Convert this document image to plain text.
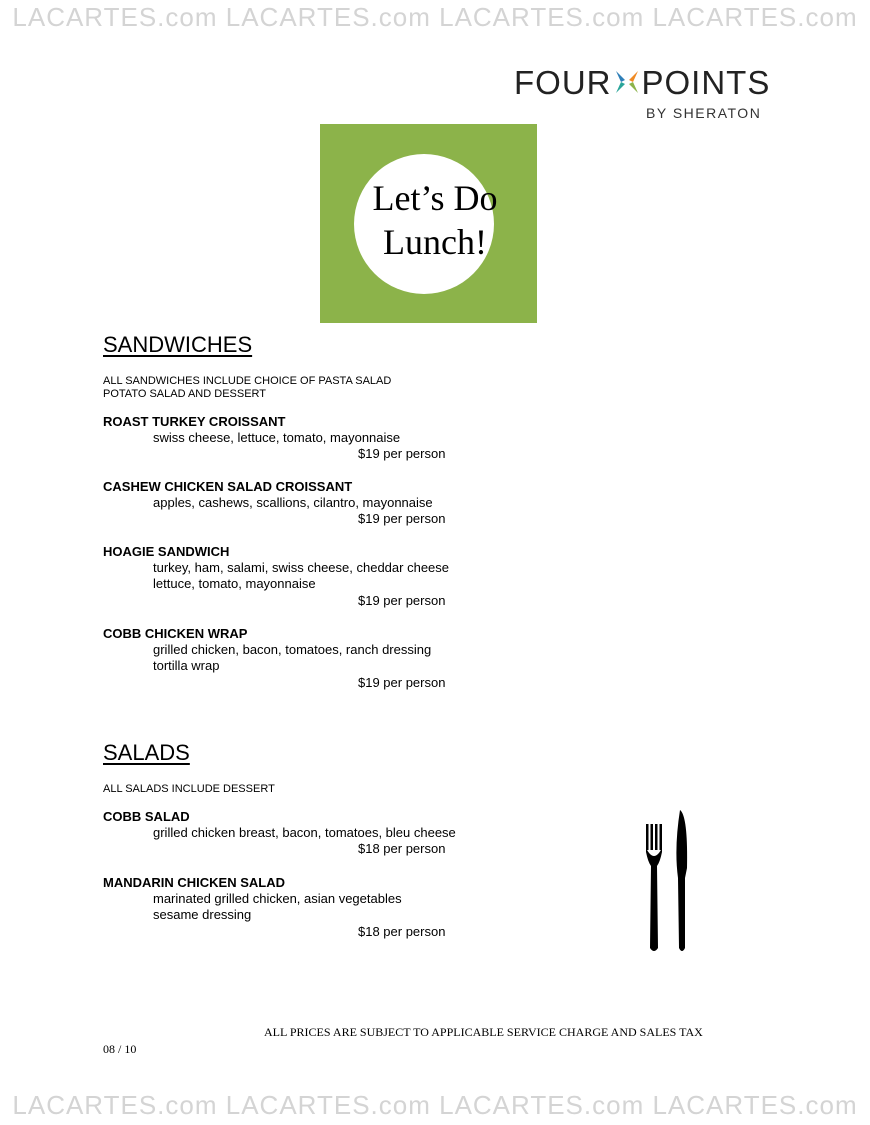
LACARTES.com LACARTES.com LACARTES.com LACARTES.com
FOUR POINTS
BY SHERATON
Let’s Do
Lunch!
SANDWICHES
ALL SANDWICHES INCLUDE CHOICE OF PASTA SALAD
POTATO SALAD AND DESSERT
ROAST TURKEY CROISSANT
swiss cheese, lettuce, tomato, mayonnaise
$19 per person
CASHEW CHICKEN SALAD CROISSANT
apples, cashews, scallions, cilantro, mayonnaise
$19 per person
HOAGIE SANDWICH
turkey, ham, salami, swiss cheese, cheddar cheese
lettuce, tomato, mayonnaise
$19 per person
COBB CHICKEN WRAP
grilled chicken, bacon, tomatoes, ranch dressing
tortilla wrap
$19 per person
SALADS
ALL SALADS INCLUDE DESSERT
COBB SALAD
grilled chicken breast, bacon, tomatoes, bleu cheese
$18 per person
MANDARIN CHICKEN SALAD
marinated grilled chicken, asian vegetables
sesame dressing
$18 per person
ALL PRICES ARE SUBJECT TO APPLICABLE SERVICE CHARGE AND SALES TAX
08 / 10
LACARTES.com LACARTES.com LACARTES.com LACARTES.com
